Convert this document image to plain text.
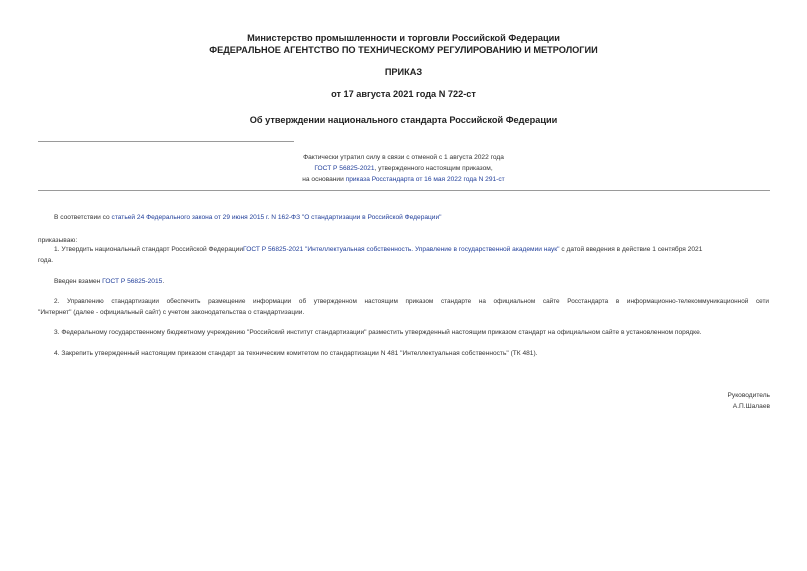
Министерство промышленности и торговли Российской Федерации
ФЕДЕРАЛЬНОЕ АГЕНТСТВО ПО ТЕХНИЧЕСКОМУ РЕГУЛИРОВАНИЮ И МЕТРОЛОГИИ
ПРИКАЗ
от 17 августа 2021 года N 722-ст
Об утверждении национального стандарта Российской Федерации
Фактически утратил силу в связи с отменой с 1 августа 2022 года
ГОСТ Р 56825-2021, утвержденного настоящим приказом,
на основании приказа Росстандарта от 16 мая 2022 года N 291-ст
В соответствии со статьей 24 Федерального закона от 29 июня 2015 г. N 162-ФЗ "О стандартизации в Российской Федерации"
приказываю:
1. Утвердить национальный стандарт Российской ФедерацииГОСТ Р 56825-2021 "Интеллектуальная собственность. Управление в государственной академии наук" с датой введения в действие 1 сентября 2021
года.
Введен взамен ГОСТ Р 56825-2015.
2. Управлению стандартизации обеспечить размещение информации об утвержденном настоящим приказом стандарте на официальном сайте Росстандарта в информационно-телекоммуникационной сети
"Интернет" (далее - официальный сайт) с учетом законодательства о стандартизации.
3. Федеральному государственному бюджетному учреждению "Российский институт стандартизации" разместить утвержденный настоящим приказом стандарт на официальном сайте в установленном порядке.
4. Закрепить утвержденный настоящим приказом стандарт за техническим комитетом по стандартизации N 481 "Интеллектуальная собственность" (ТК 481).
Руководитель
А.П.Шалаев
